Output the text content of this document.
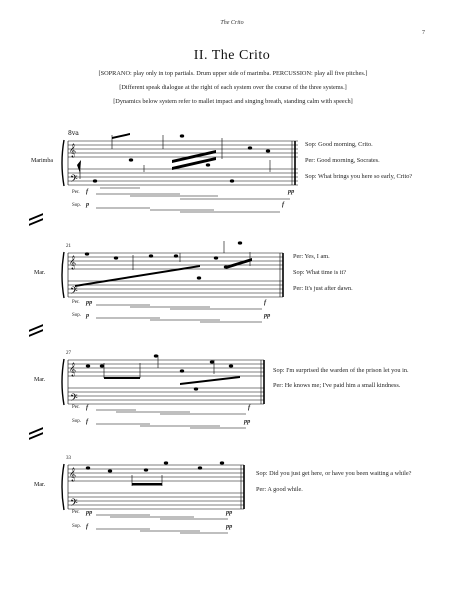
The Crito
7
II. The Crito
[SOPRANO: play only in top partials. Drum upper side of marimba. PERCUSSION: play all five pitches.]
[Different speak dialogue at the right of each system over the course of the three systems.]
[Dynamics below system refer to mallet impact and singing breath, standing calm with speech]
𝄞
𝄢
8va
Marimba
Sop: Good morning, Crito.
Per: Good morning, Socrates.
Sop: What brings you here so early, Crito?
Per.
Sop.
f
p
pp
f
𝄞
𝄢
21
Mar.
Per: Yes, I am.
Sop: What time is it?
Per: It's just after dawn.
Per.
Sop.
pp
p
f
pp
𝄞
𝄢
27
Mar.
Sop: I'm surprised the warden of the prison let you in.
Per: He knows me; I've paid him a small kindness.
Per.
Sop.
f
f
f
pp
𝄞
𝄢
33
Mar.
Sop: Did you just get here, or have you been waiting a while?
Per: A good while.
Per.
Sop.
pp
f
pp
pp
